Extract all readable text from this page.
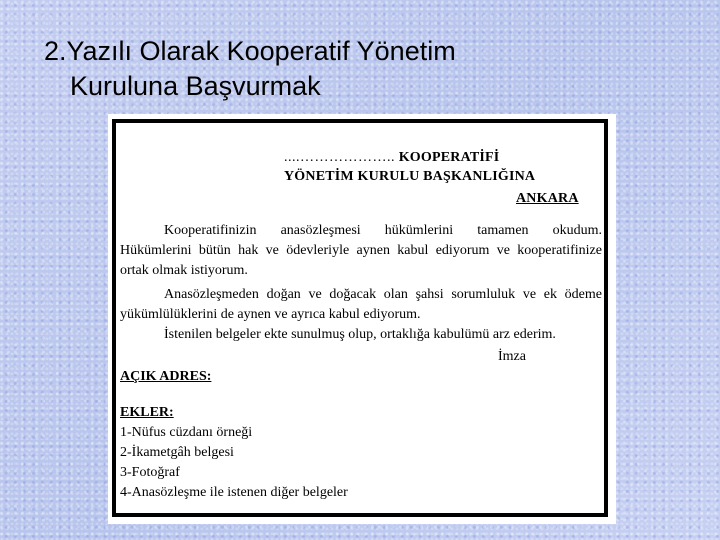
2.Yazılı Olarak Kooperatif Yönetim
Kuruluna Başvurmak
....……………….. KOOPERATİFİ
YÖNETİM KURULU BAŞKANLIĞINA
ANKARA
Kooperatifinizin anasözleşmesi hükümlerini tamamen okudum.
Hükümlerini bütün hak ve ödevleriyle aynen kabul ediyorum ve kooperatifinize
ortak olmak istiyorum.
Anasözleşmeden doğan ve doğacak olan şahsi sorumluluk ve ek ödeme
yükümlülüklerini de aynen ve ayrıca kabul ediyorum.
İstenilen belgeler ekte sunulmuş olup, ortaklığa kabulümü arz ederim.
İmza
AÇIK ADRES:
EKLER:
1-Nüfus cüzdanı örneği
2-İkametgâh belgesi
3-Fotoğraf
4-Anasözleşme ile istenen diğer belgeler
